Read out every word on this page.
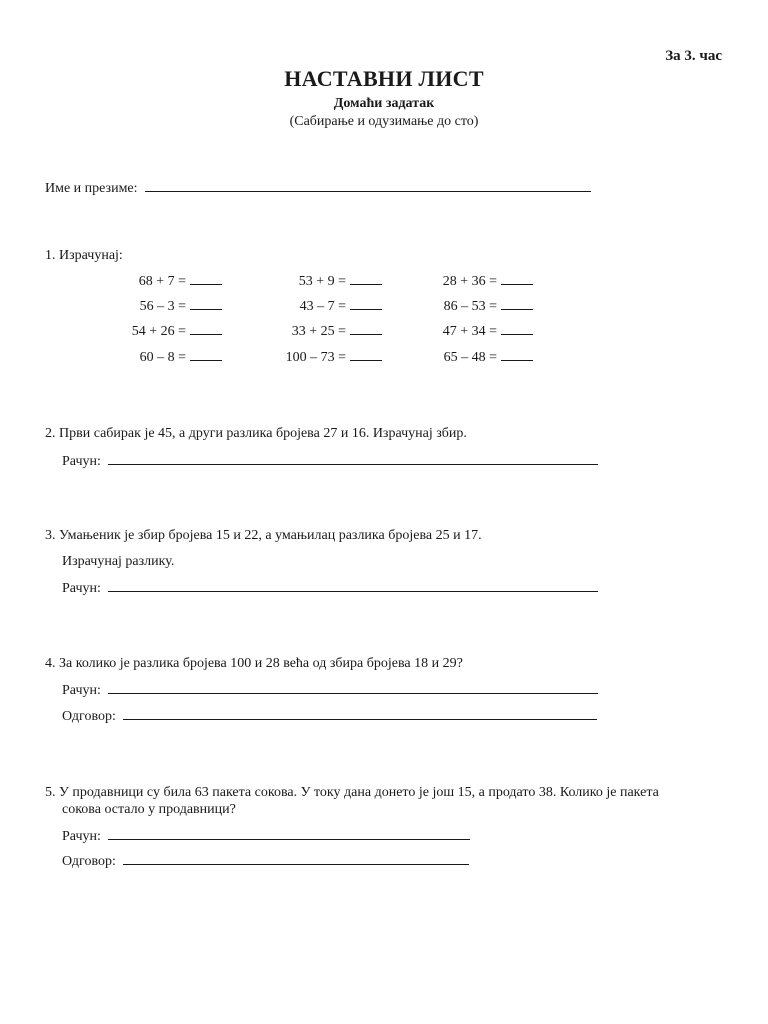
За 3. час
НАСТАВНИ ЛИСТ
Домаћи задатак
(Сабирање и одузимање до сто)
Име и презиме:
1. Израчунај:
68 + 7 =
56 – 3 =
54 + 26 =
60 – 8 =
53 + 9 =
43 – 7 =
33 + 25 =
100 – 73 =
28 + 36 =
86 – 53 =
47 + 34 =
65 – 48 =
2. Први сабирак је 45, а други разлика бројева 27 и 16. Израчунај збир.
Рачун:
3. Умањеник је збир бројева 15 и 22, а умањилац разлика бројева 25 и 17.
Израчунај разлику.
Рачун:
4. За колико је разлика бројева 100 и 28 већа од збира бројева 18 и 29?
Рачун:
Одговор:
5. У продавници су била 63 пакета сокова. У току дана донето је још 15, а продато 38. Колико је пакета
сокова остало у продавници?
Рачун:
Одговор:
